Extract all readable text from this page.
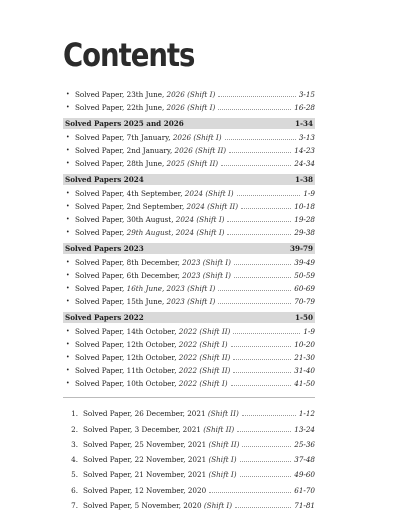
Contents
• Solved Paper, 23th June, 2026 (Shift I)	3-15
• Solved Paper, 22th June, 2026 (Shift I)	16-28
Solved Papers 2025 and 2026	1-34
• Solved Paper, 7th January, 2026 (Shift I)	3-13
• Solved Paper, 2nd January, 2026 (Shift II)	14-23
• Solved Paper, 28th June, 2025 (Shift II)	24-34
Solved Papers 2024	1-38
• Solved Paper, 4th September, 2024 (Shift I)	1-9
• Solved Paper, 2nd September, 2024 (Shift II)	10-18
• Solved Paper, 30th August, 2024 (Shift I)	19-28
• Solved Paper, 29th August, 2024 (Shift I)	29-38
Solved Papers 2023	39-79
• Solved Paper, 8th December, 2023 (Shift I)	39-49
• Solved Paper, 6th December, 2023 (Shift I)	50-59
• Solved Paper, 16th June, 2023 (Shift I)	60-69
• Solved Paper, 15th June, 2023 (Shift I)	70-79
Solved Papers 2022	1-50
• Solved Paper, 14th October, 2022 (Shift II)	1-9
• Solved Paper, 12th October, 2022 (Shift I)	10-20
• Solved Paper, 12th October, 2022 (Shift II)	21-30
• Solved Paper, 11th October, 2022 (Shift II)	31-40
• Solved Paper, 10th October, 2022 (Shift I)	41-50
1. Solved Paper, 26 December, 2021 (Shift II)	1-12
2. Solved Paper, 3 December, 2021 (Shift II)	13-24
3. Solved Paper, 25 November, 2021 (Shift II)	25-36
4. Solved Paper, 22 November, 2021 (Shift I)	37-48
5. Solved Paper, 21 November, 2021 (Shift I)	49-60
6. Solved Paper, 12 November, 2020	61-70
7. Solved Paper, 5 November, 2020 (Shift I)	71-81
